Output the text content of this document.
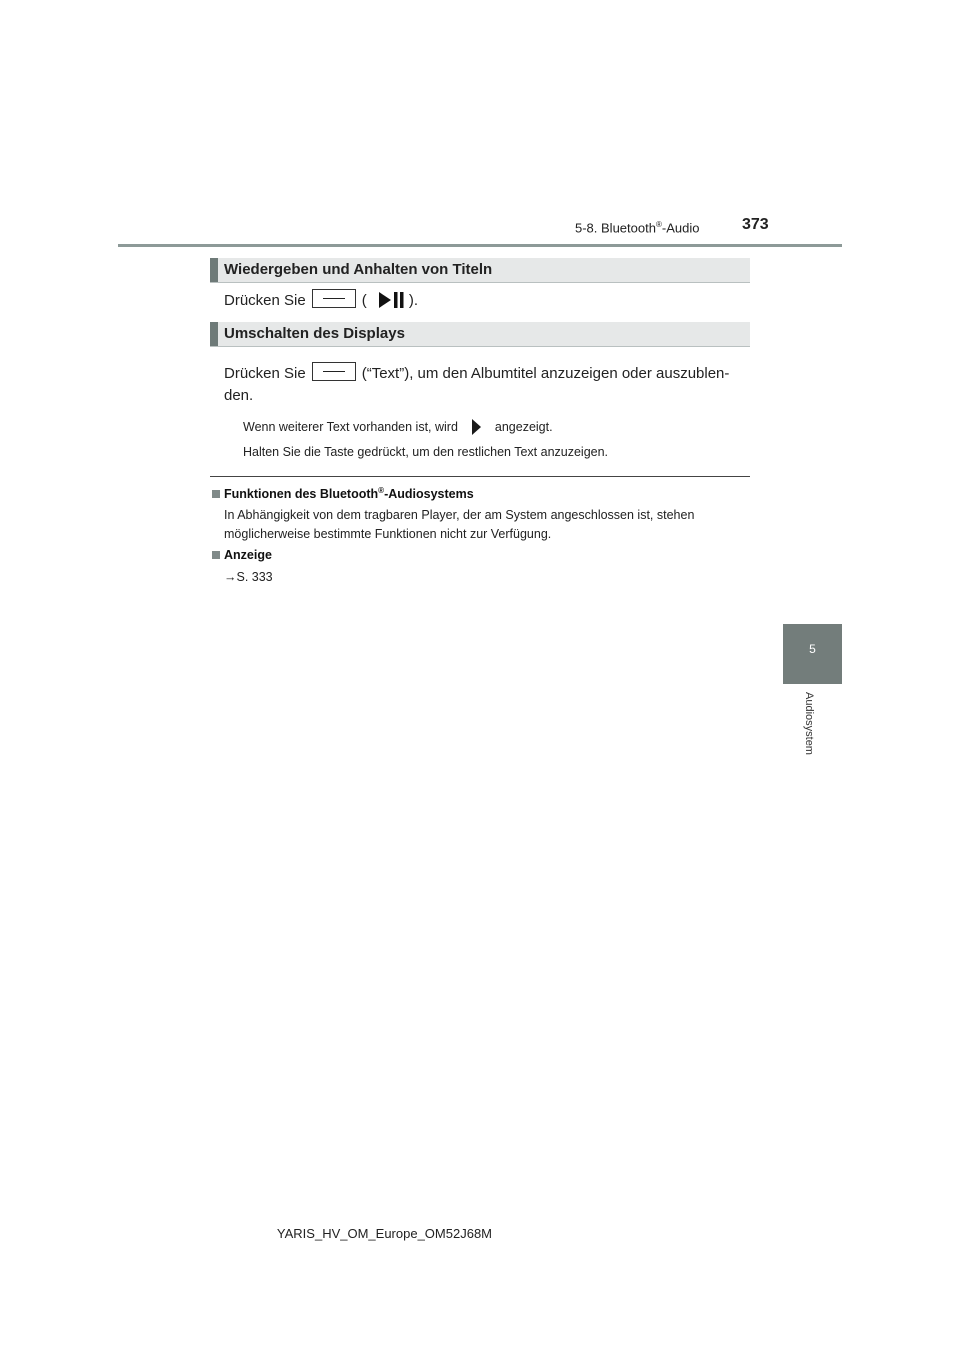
5-8. Bluetooth®-Audio	373
Wiedergeben und Anhalten von Titeln
Drücken Sie	(	).
Umschalten des Displays
Drücken Sie	(“Text”), um den Albumtitel anzuzeigen oder auszublen-
den.
Wenn weiterer Text vorhanden ist, wird	angezeigt.
Halten Sie die Taste gedrückt, um den restlichen Text anzuzeigen.
Funktionen des Bluetooth®-Audiosystems
In Abhängigkeit von dem tragbaren Player, der am System angeschlossen ist, stehen möglicherweise bestimmte Funktionen nicht zur Verfügung.
Anzeige
→S. 333
5
Audiosystem
YARIS_HV_OM_Europe_OM52J68M
